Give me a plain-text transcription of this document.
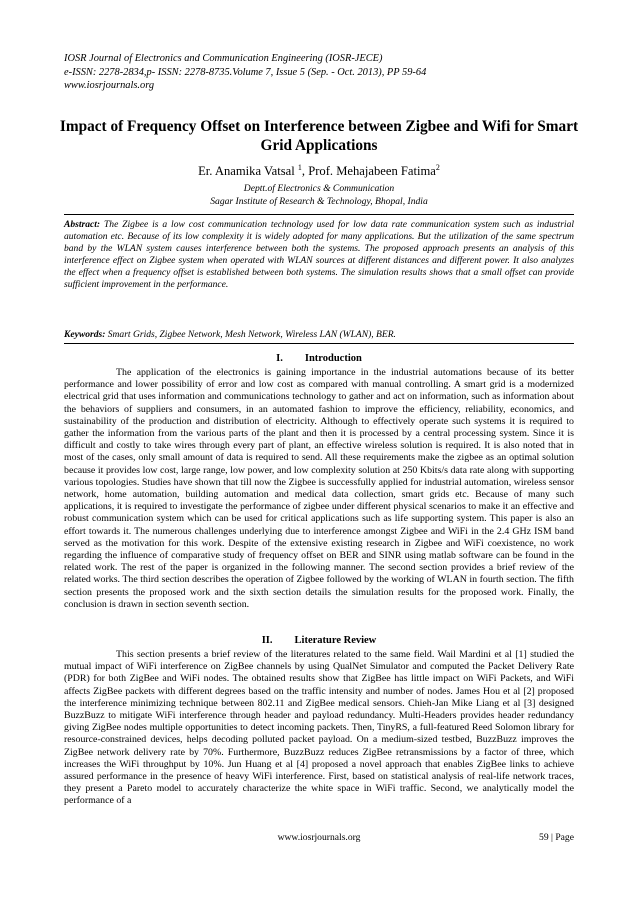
IOSR Journal of Electronics and Communication Engineering (IOSR-JECE)
e-ISSN: 2278-2834,p- ISSN: 2278-8735.Volume 7, Issue 5 (Sep. - Oct. 2013), PP 59-64
www.iosrjournals.org
Impact of Frequency Offset on Interference between Zigbee and Wifi for Smart Grid Applications
Er. Anamika Vatsal $^1$, Prof. Mehajabeen Fatima$^2$
Deptt.of Electronics & Communication
Sagar Institute of Research & Technology, Bhopal, India
Abstract: The Zigbee is a low cost communication technology used for low data rate communication system such as industrial automation etc. Because of its low complexity it is widely adopted for many applications. But the utilization of the same spectrum band by the WLAN system causes interference between both the systems. The proposed approach presents an analysis of this interference effect on Zigbee system when operated with WLAN sources at different distances and different power. It also analyzes the effect when a frequency offset is established between both systems. The simulation results shows that a small offset can provide sufficient improvement in the performance.
Keywords: Smart Grids, Zigbee Network, Mesh Network, Wireless LAN (WLAN), BER.
I. Introduction
The application of the electronics is gaining importance in the industrial automations because of its better performance and lower possibility of error and low cost as compared with manual controlling. A smart grid is a modernized electrical grid that uses information and communications technology to gather and act on information, such as information about the behaviors of suppliers and consumers, in an automated fashion to improve the efficiency, reliability, economics, and sustainability of the production and distribution of electricity. Although to effectively operate such systems it is required to gather the information from the various parts of the plant and then it is processed by a central processing system. Since it is difficult and costly to take wires through every part of plant, an effective wireless solution is required. It is also noted that in most of the cases, only small amount of data is required to send. All these requirements make the zigbee as an optimal solution because it provides low cost, large range, low power, and low complexity solution at 250 Kbits/s data rate along with supporting various topologies. Studies have shown that till now the Zigbee is successfully applied for industrial automation, wireless sensor network, home automation, building automation and medical data collection, smart grids etc. Because of many such applications, it is required to investigate the performance of zigbee under different physical scenarios to make it an effective and robust communication system which can be used for critical applications such as life supporting system. This paper is also an effort towards it. The numerous challenges underlying due to interference amongst Zigbee and WiFi in the 2.4 GHz ISM band served as the motivation for this work. Despite of the extensive existing research in Zigbee and WiFi coexistence, no work regarding the influence of comparative study of frequency offset on BER and SINR using matlab software can be found in the related work. The rest of the paper is organized in the following manner. The second section provides a brief review of the related works. The third section describes the operation of Zigbee followed by the working of WLAN in fourth section. The fifth section presents the proposed work and the sixth section details the simulation results for the proposed work. Finally, the conclusion is drawn in section seventh section.
II. Literature Review
This section presents a brief review of the literatures related to the same field. Wail Mardini et al [1] studied the mutual impact of WiFi interference on ZigBee channels by using QualNet Simulator and computed the Packet Delivery Rate (PDR) for both ZigBee and WiFi nodes. The obtained results show that ZigBee has little impact on WiFi Packets, and WiFi affects ZigBee packets with different degrees based on the traffic intensity and number of nodes. James Hou et al [2] proposed the interference minimizing technique between 802.11 and ZigBee medical sensors. Chieh-Jan Mike Liang et al [3] designed BuzzBuzz to mitigate WiFi interference through header and payload redundancy. Multi-Headers provides header redundancy giving ZigBee nodes multiple opportunities to detect incoming packets. Then, TinyRS, a full-featured Reed Solomon library for resource-constrained devices, helps decoding polluted packet payload. On a medium-sized testbed, BuzzBuzz improves the ZigBee network delivery rate by 70%. Furthermore, BuzzBuzz reduces ZigBee retransmissions by a factor of three, which increases the WiFi throughput by 10%. Jun Huang et al [4] proposed a novel approach that enables ZigBee links to achieve assured performance in the presence of heavy WiFi interference. First, based on statistical analysis of real-life network traces, they present a Pareto model to accurately characterize the white space in WiFi traffic. Second, we analytically model the performance of a
www.iosrjournals.org	59 | Page
